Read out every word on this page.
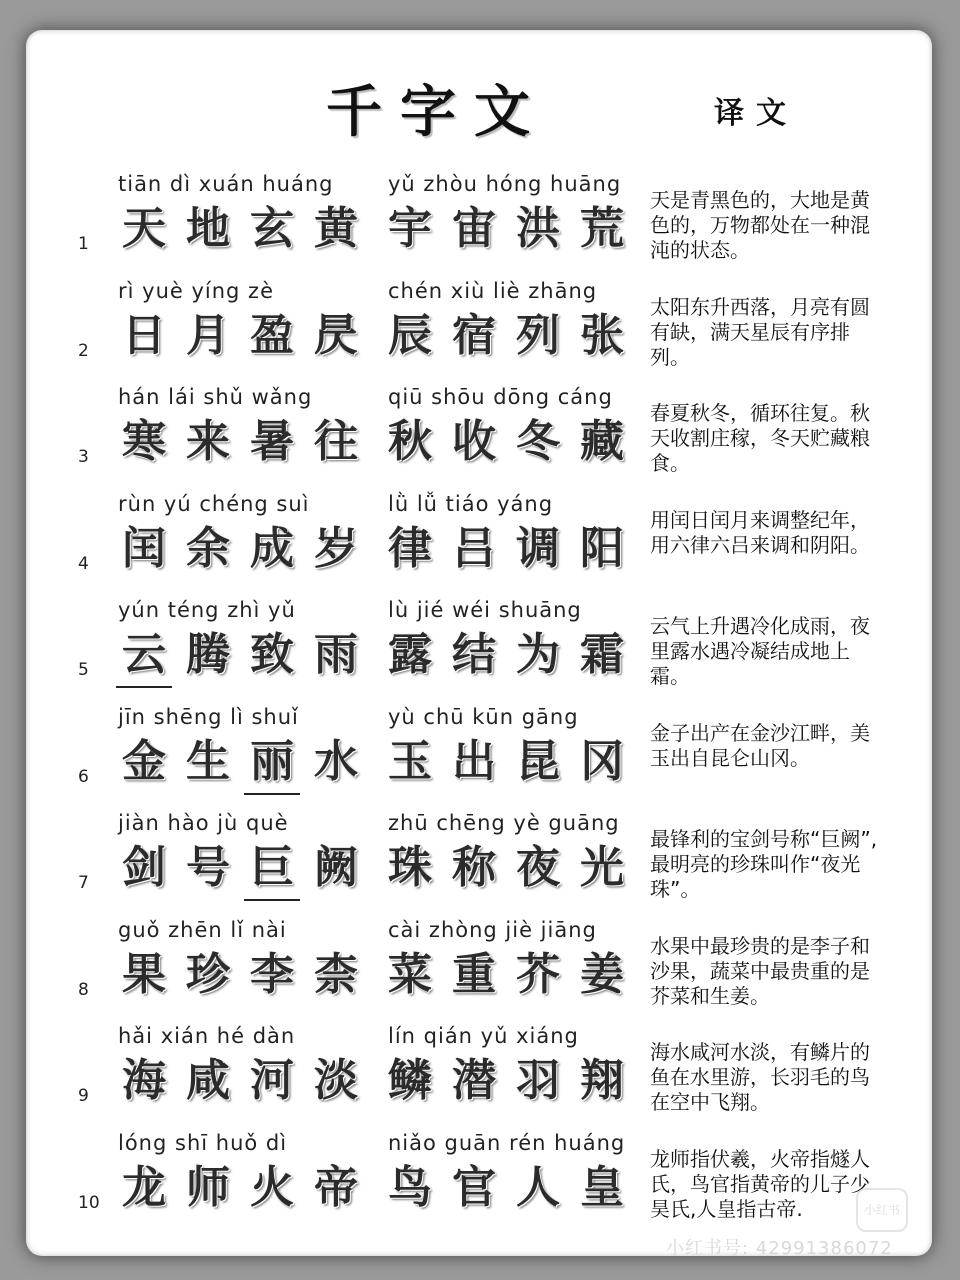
千字文	译文
1
tiān dì xuán huáng	yǔ zhòu hóng huāng
天 地 玄 黄 宇 宙 洪 荒
天是青黑色的，大地是黄色的，万物都处在一种混沌的状态。
2
rì yuè yíng zè	chén xiù liè zhāng
日 月 盈 昃 辰 宿 列 张
太阳东升西落，月亮有圆有缺，满天星辰有序排列。
3
hán lái shǔ wǎng	qiū shōu dōng cáng
寒 来 暑 往 秋 收 冬 藏
春夏秋冬，循环往复。秋天收割庄稼，冬天贮藏粮食。
4
rùn yú chéng suì	lǜ lǚ tiáo yáng
闰 余 成 岁 律 吕 调 阳
用闰日闰月来调整纪年，用六律六吕来调和阴阳。
5
yún téng zhì yǔ	lù jié wéi shuāng
云 腾 致 雨 露 结 为 霜
云气上升遇冷化成雨，夜里露水遇冷凝结成地上霜。
6
jīn shēng lì shuǐ	yù chū kūn gāng
金 生 丽 水 玉 出 昆 冈
金子出产在金沙江畔，美玉出自昆仑山冈。
7
jiàn hào jù què	zhū chēng yè guāng
剑 号 巨 阙 珠 称 夜 光
最锋利的宝剑号称“巨阙”,最明亮的珍珠叫作“夜光珠”。
8
guǒ zhēn lǐ nài	cài zhòng jiè jiāng
果 珍 李 柰 菜 重 芥 姜
水果中最珍贵的是李子和沙果，蔬菜中最贵重的是芥菜和生姜。
9
hǎi xián hé dàn	lín qián yǔ xiáng
海 咸 河 淡 鳞 潜 羽 翔
海水咸河水淡，有鳞片的鱼在水里游，长羽毛的鸟在空中飞翔。
10
lóng shī huǒ dì	niǎo guān rén huáng
龙 师 火 帝 鸟 官 人 皇
龙师指伏羲，火帝指燧人氏，鸟官指黄帝的儿子少昊氏,人皇指古帝.	小红书
小红书号: 42991386072
